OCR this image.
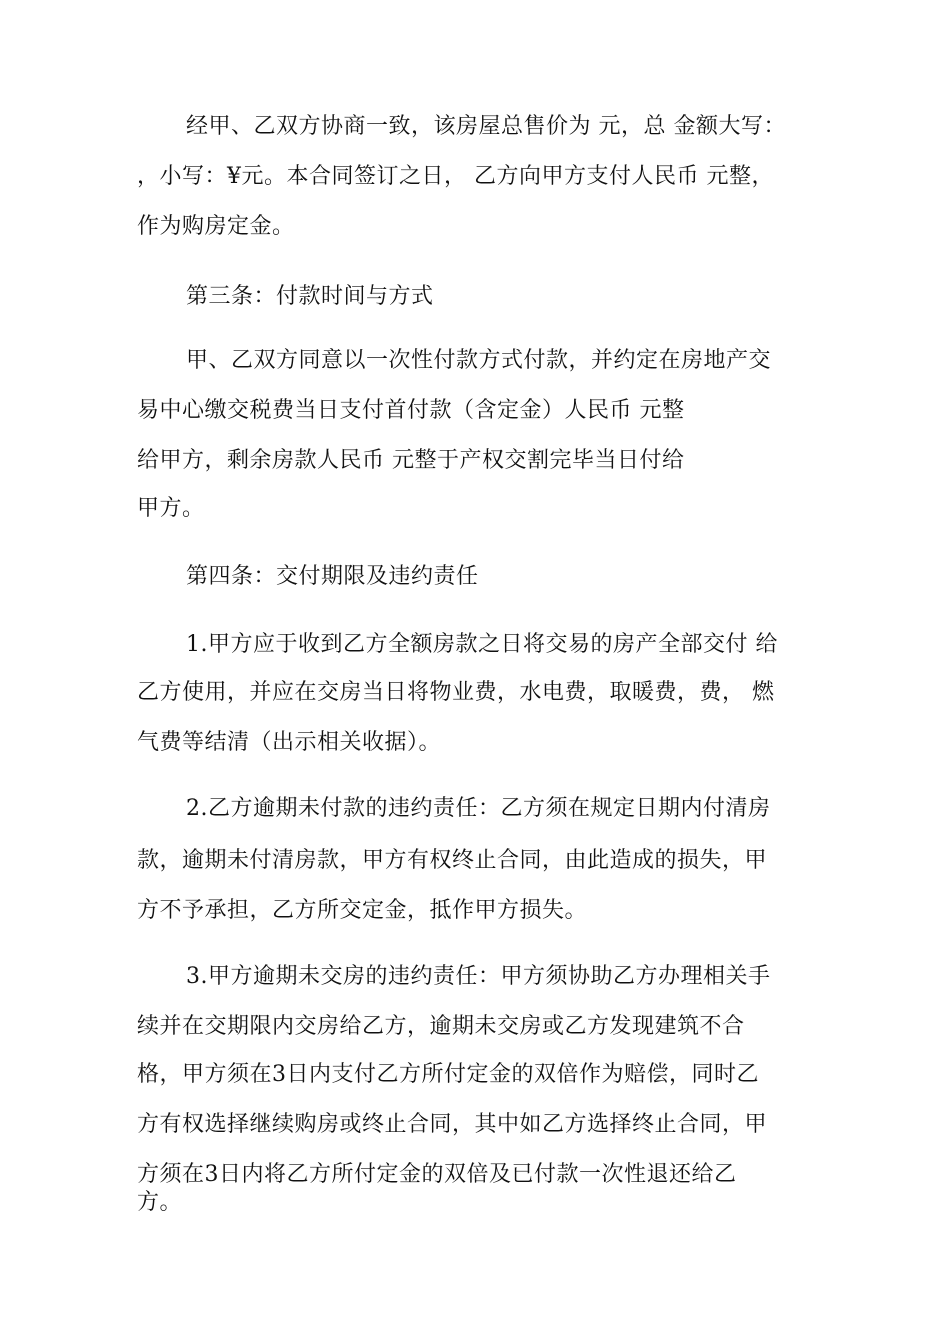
经甲、乙双方协商一致，该房屋总售价为 元，总 金额大写：
，小写：¥元。本合同签订之日， 乙方向甲方支付人民币 元整，
作为购房定金。
第三条：付款时间与方式
甲、乙双方同意以一次性付款方式付款，并约定在房地产交
易中心缴交税费当日支付首付款（含定金）人民币 元整
给甲方，剩余房款人民币 元整于产权交割完毕当日付给
甲方。
第四条：交付期限及违约责任
1.甲方应于收到乙方全额房款之日将交易的房产全部交付 给
乙方使用，并应在交房当日将物业费，水电费，取暖费，费， 燃
气费等结清（出示相关收据）。
2.乙方逾期未付款的违约责任：乙方须在规定日期内付清房
款，逾期未付清房款，甲方有权终止合同，由此造成的损失，甲
方不予承担，乙方所交定金，抵作甲方损失。
3.甲方逾期未交房的违约责任：甲方须协助乙方办理相关手
续并在交期限内交房给乙方，逾期未交房或乙方发现建筑不合
格，甲方须在3日内支付乙方所付定金的双倍作为赔偿，同时乙
方有权选择继续购房或终止合同，其中如乙方选择终止合同，甲
方须在3日内将乙方所付定金的双倍及已付款一次性退还给乙
方。
